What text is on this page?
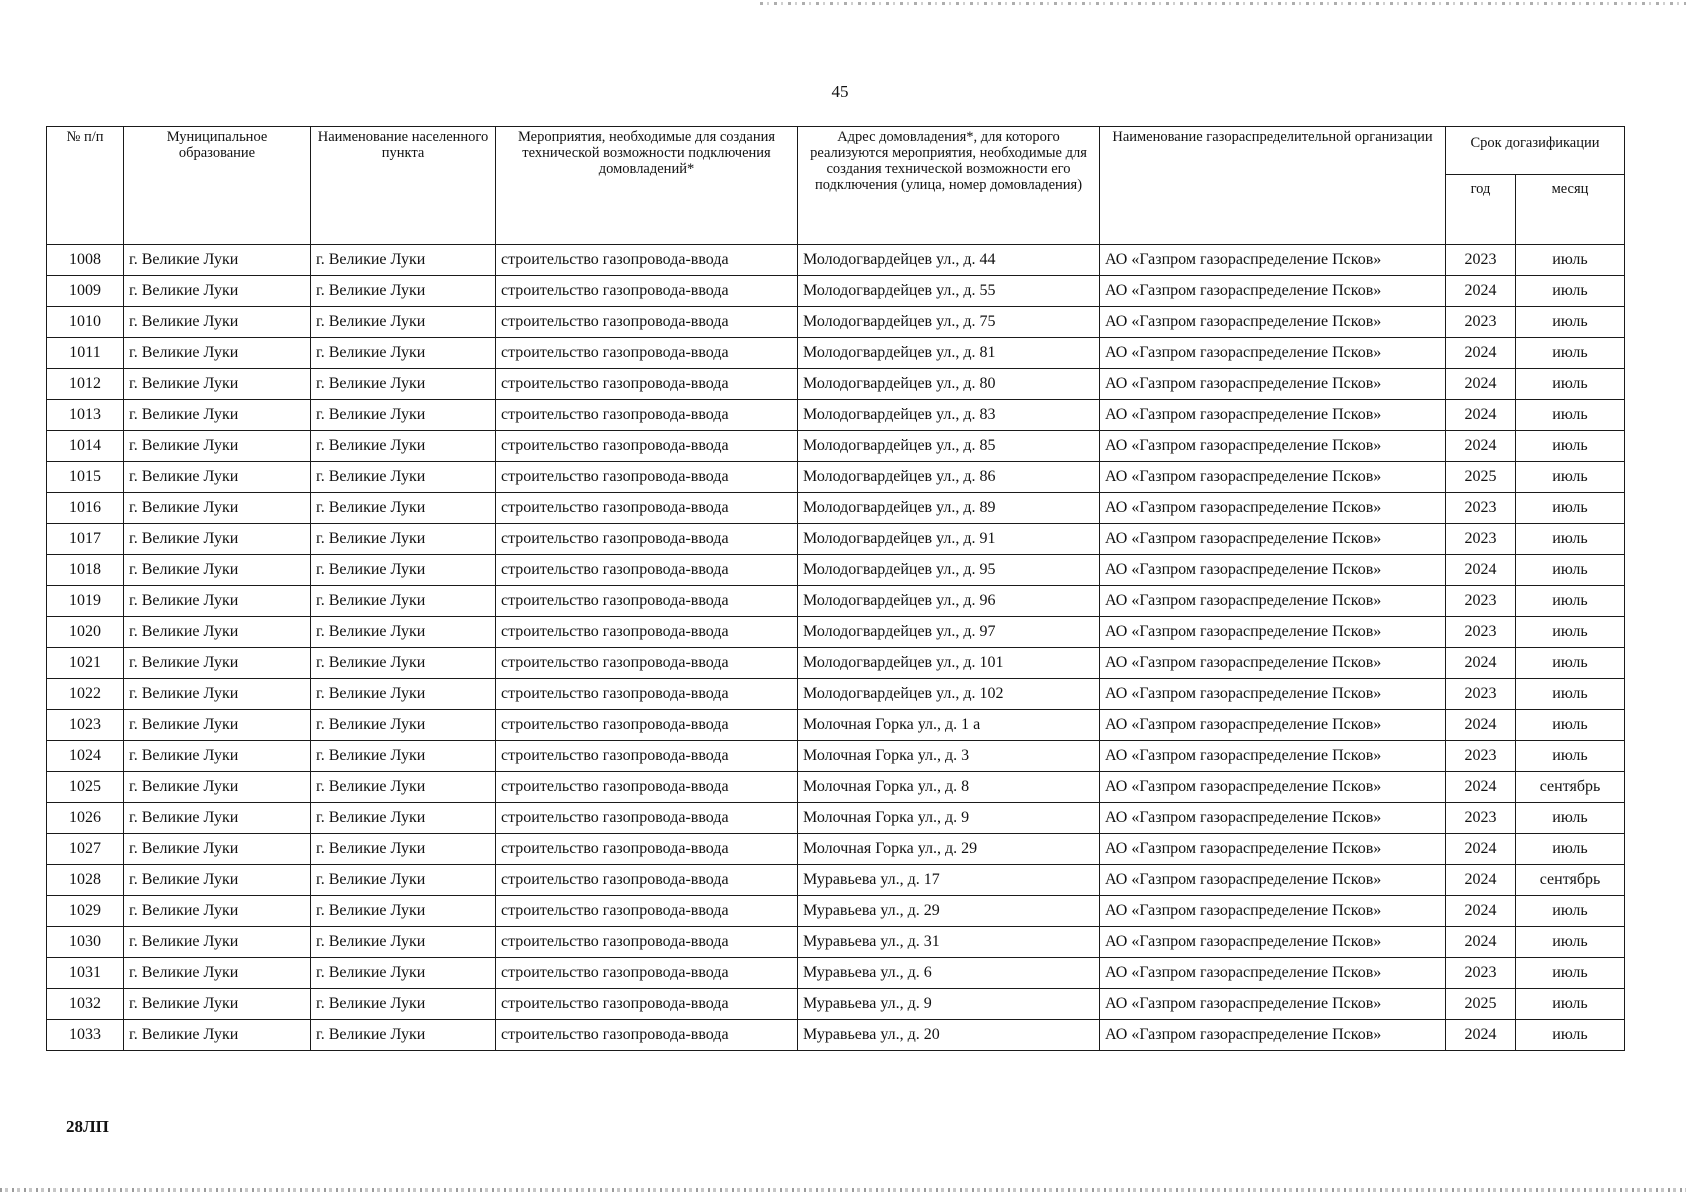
45
№ п/п	Муниципальное образование	Наименование населенного пункта	Мероприятия, необходимые для создания технической возможности подключения домовладений*	Адрес домовладения*, для которого реализуются мероприятия, необходимые для создания технической возможности его подключения (улица, номер домовладения)	Наименование газораспределительной организации	Срок догазификации	
						год	месяц
1008	г. Великие Луки	г. Великие Луки	строительство газопровода-ввода	Молодогвардейцев ул., д. 44	АО «Газпром газораспределение Псков»	2023	июль
1009	г. Великие Луки	г. Великие Луки	строительство газопровода-ввода	Молодогвардейцев ул., д. 55	АО «Газпром газораспределение Псков»	2024	июль
1010	г. Великие Луки	г. Великие Луки	строительство газопровода-ввода	Молодогвардейцев ул., д. 75	АО «Газпром газораспределение Псков»	2023	июль
1011	г. Великие Луки	г. Великие Луки	строительство газопровода-ввода	Молодогвардейцев ул., д. 81	АО «Газпром газораспределение Псков»	2024	июль
1012	г. Великие Луки	г. Великие Луки	строительство газопровода-ввода	Молодогвардейцев ул., д. 80	АО «Газпром газораспределение Псков»	2024	июль
1013	г. Великие Луки	г. Великие Луки	строительство газопровода-ввода	Молодогвардейцев ул., д. 83	АО «Газпром газораспределение Псков»	2024	июль
1014	г. Великие Луки	г. Великие Луки	строительство газопровода-ввода	Молодогвардейцев ул., д. 85	АО «Газпром газораспределение Псков»	2024	июль
1015	г. Великие Луки	г. Великие Луки	строительство газопровода-ввода	Молодогвардейцев ул., д. 86	АО «Газпром газораспределение Псков»	2025	июль
1016	г. Великие Луки	г. Великие Луки	строительство газопровода-ввода	Молодогвардейцев ул., д. 89	АО «Газпром газораспределение Псков»	2023	июль
1017	г. Великие Луки	г. Великие Луки	строительство газопровода-ввода	Молодогвардейцев ул., д. 91	АО «Газпром газораспределение Псков»	2023	июль
1018	г. Великие Луки	г. Великие Луки	строительство газопровода-ввода	Молодогвардейцев ул., д. 95	АО «Газпром газораспределение Псков»	2024	июль
1019	г. Великие Луки	г. Великие Луки	строительство газопровода-ввода	Молодогвардейцев ул., д. 96	АО «Газпром газораспределение Псков»	2023	июль
1020	г. Великие Луки	г. Великие Луки	строительство газопровода-ввода	Молодогвардейцев ул., д. 97	АО «Газпром газораспределение Псков»	2023	июль
1021	г. Великие Луки	г. Великие Луки	строительство газопровода-ввода	Молодогвардейцев ул., д. 101	АО «Газпром газораспределение Псков»	2024	июль
1022	г. Великие Луки	г. Великие Луки	строительство газопровода-ввода	Молодогвардейцев ул., д. 102	АО «Газпром газораспределение Псков»	2023	июль
1023	г. Великие Луки	г. Великие Луки	строительство газопровода-ввода	Молочная Горка ул., д. 1 а	АО «Газпром газораспределение Псков»	2024	июль
1024	г. Великие Луки	г. Великие Луки	строительство газопровода-ввода	Молочная Горка ул., д. 3	АО «Газпром газораспределение Псков»	2023	июль
1025	г. Великие Луки	г. Великие Луки	строительство газопровода-ввода	Молочная Горка ул., д. 8	АО «Газпром газораспределение Псков»	2024	сентябрь
1026	г. Великие Луки	г. Великие Луки	строительство газопровода-ввода	Молочная Горка ул., д. 9	АО «Газпром газораспределение Псков»	2023	июль
1027	г. Великие Луки	г. Великие Луки	строительство газопровода-ввода	Молочная Горка ул., д. 29	АО «Газпром газораспределение Псков»	2024	июль
1028	г. Великие Луки	г. Великие Луки	строительство газопровода-ввода	Муравьева ул., д. 17	АО «Газпром газораспределение Псков»	2024	сентябрь
1029	г. Великие Луки	г. Великие Луки	строительство газопровода-ввода	Муравьева ул., д. 29	АО «Газпром газораспределение Псков»	2024	июль
1030	г. Великие Луки	г. Великие Луки	строительство газопровода-ввода	Муравьева ул., д. 31	АО «Газпром газораспределение Псков»	2024	июль
1031	г. Великие Луки	г. Великие Луки	строительство газопровода-ввода	Муравьева ул., д. 6	АО «Газпром газораспределение Псков»	2023	июль
1032	г. Великие Луки	г. Великие Луки	строительство газопровода-ввода	Муравьева ул., д. 9	АО «Газпром газораспределение Псков»	2025	июль
1033	г. Великие Луки	г. Великие Луки	строительство газопровода-ввода	Муравьева ул., д. 20	АО «Газпром газораспределение Псков»	2024	июль
28ЛП
